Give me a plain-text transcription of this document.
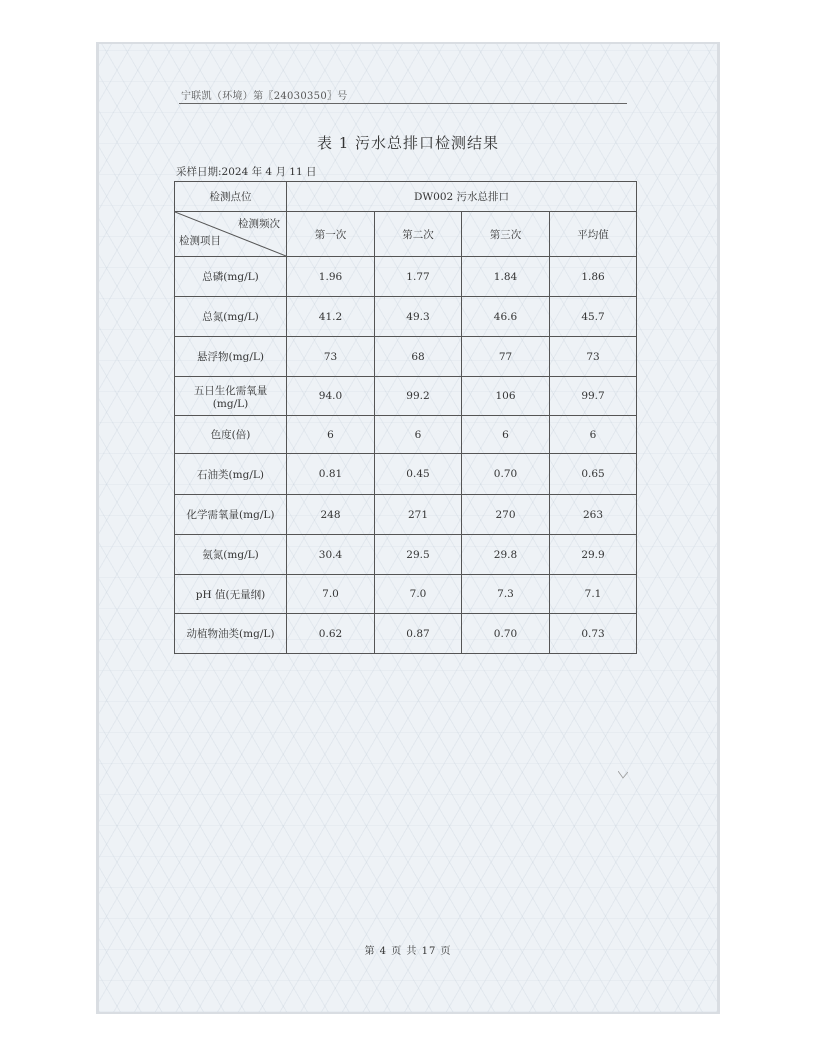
宁联凯（环境）第〖24030350〗号
表 1 污水总排口检测结果
采样日期:2024 年 4 月 11 日
检测点位	DW002 污水总排口			

检测频次
检测项目	第一次	第二次	第三次	平均值
总磷(mg/L)	1.96	1.77	1.84	1.86
总氮(mg/L)	41.2	49.3	46.6	45.7
悬浮物(mg/L)	73	68	77	73

五日生化需氧量
(mg/L)	94.0	99.2	106	99.7
色度(倍)	6	6	6	6
石油类(mg/L)	0.81	0.45	0.70	0.65
化学需氧量(mg/L)	248	271	270	263
氨氮(mg/L)	30.4	29.5	29.8	29.9
pH 值(无量纲)	7.0	7.0	7.3	7.1
动植物油类(mg/L)	0.62	0.87	0.70	0.73
第 4 页 共 17 页
